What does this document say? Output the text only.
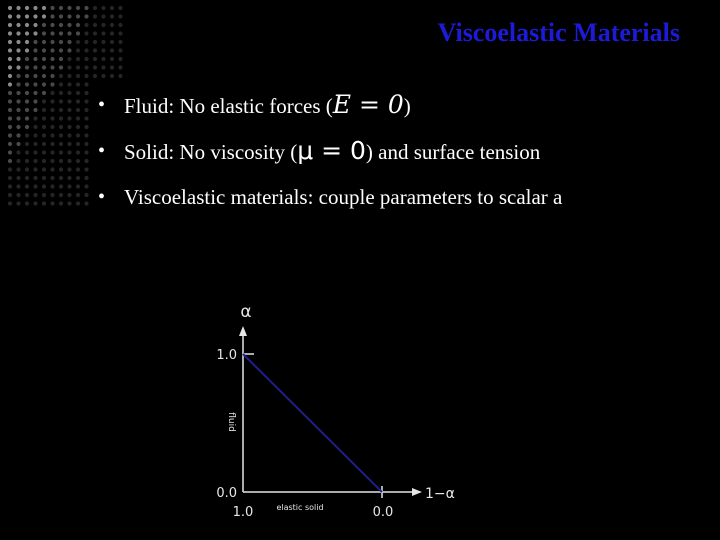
Viscoelastic Materials
• Fluid: No elastic forces (E = 0)
• Solid: No viscosity (μ = 0) and surface tension
• Viscoelastic materials: couple parameters to scalar a
α
1−α
1.0
0.0
1.0	0.0
fluid
elastic solid
